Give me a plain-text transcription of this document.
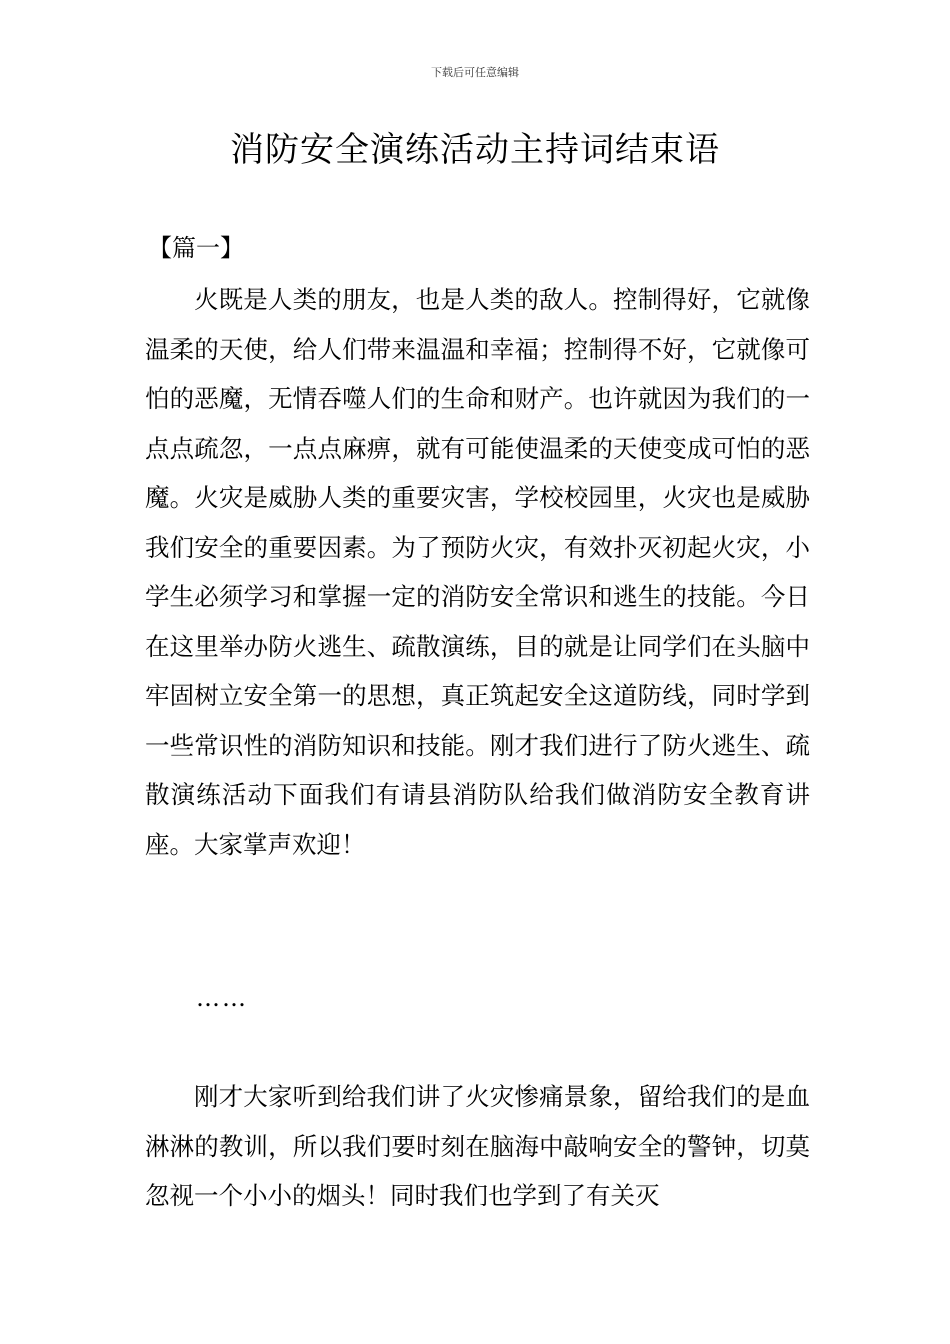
下载后可任意编辑
消防安全演练活动主持词结束语
【篇一】

火既是人类的朋友，也是人类的敌人。控制得好，它就像温柔的天使，给人们带来温温和幸福；控制得不好，它就像可怕的恶魔，无情吞噬人们的生命和财产。也许就因为我们的一点点疏忽，一点点麻痹，就有可能使温柔的天使变成可怕的恶魔。火灾是威胁人类的重要灾害，学校校园里，火灾也是威胁我们安全的重要因素。为了预防火灾，有效扑灭初起火灾，小学生必须学习和掌握一定的消防安全常识和逃生的技能。今日在这里举办防火逃生、疏散演练，目的就是让同学们在头脑中牢固树立安全第一的思想，真正筑起安全这道防线，同时学到一些常识性的消防知识和技能。刚才我们进行了防火逃生、疏散演练活动下面我们有请县消防队给我们做消防安全教育讲座。大家掌声欢迎！

……

刚才大家听到给我们讲了火灾惨痛景象，留给我们的是血淋淋的教训，所以我们要时刻在脑海中敲响安全的警钟，切莫忽视一个小小的烟头！同时我们也学到了有关灭
